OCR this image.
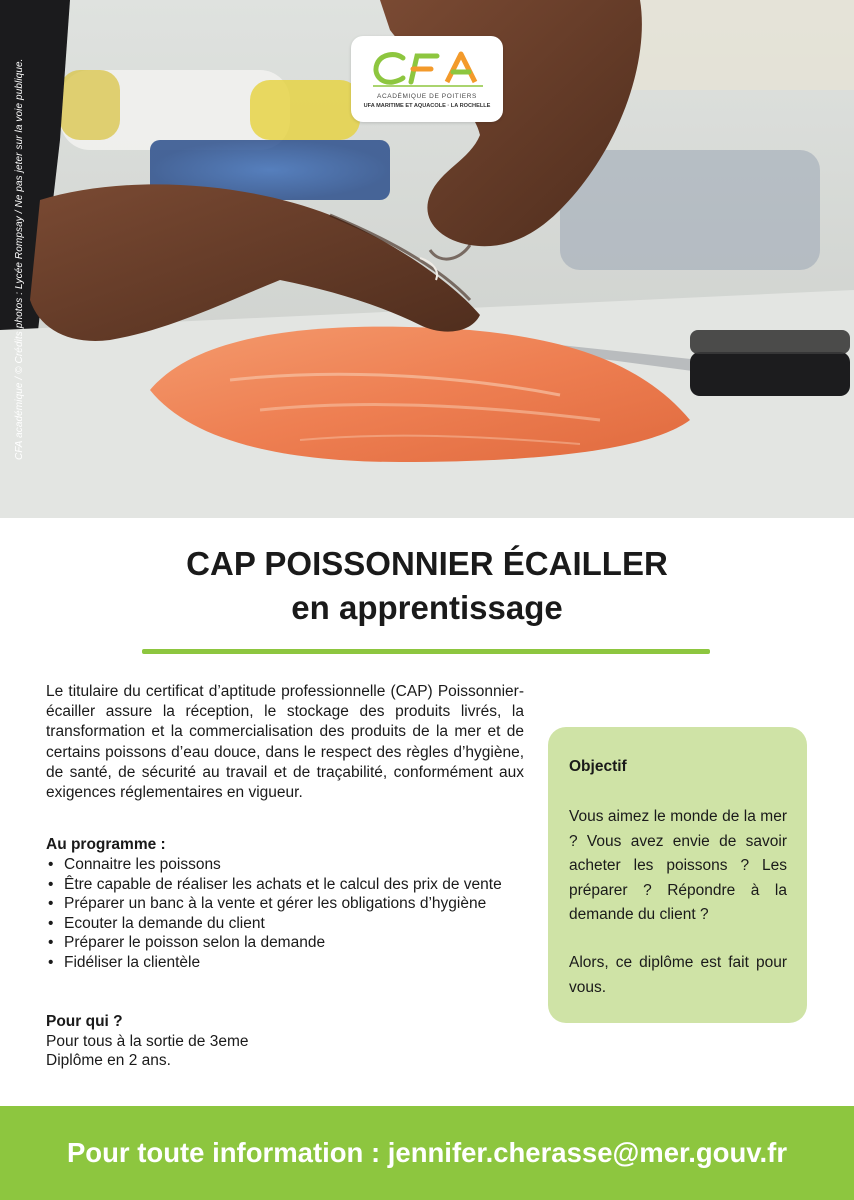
CFA académique / © Crédits photos : Lycée Rompsay / Ne pas jeter sur la voie publique.	ACADÉMIQUE DE POITIERS
UFA MARITIME ET AQUACOLE · LA ROCHELLE
CAP POISSONNIER ÉCAILLER
en apprentissage

Le titulaire du certificat d’aptitude professionnelle (CAP) Poissonnier-écailler assure la réception, le stockage des produits livrés, la transformation et la commercialisation des produits de la mer et de certains poissons d’eau douce, dans le respect des règles d’hygiène, de santé, de sécurité au travail et de traçabilité, conformément aux exigences réglementaires en vigueur.

Au programme :

• Connaitre les poissons
• Être capable de réaliser les achats et le calcul des prix de vente
• Préparer un banc à la vente et gérer les obligations d’hygiène
• Ecouter la demande du client
• Préparer le poisson selon la demande
• Fidéliser la clientèle

Pour qui ?

Pour tous à la sortie de 3eme

Diplôme en 2 ans.

Objectif

Vous aimez le monde de la mer ? Vous avez envie de savoir acheter les poissons ? Les préparer ? Répondre à la demande du client ?

Alors, ce diplôme est fait pour vous.

Pour toute information : jennifer.cherasse@mer.gouv.fr
